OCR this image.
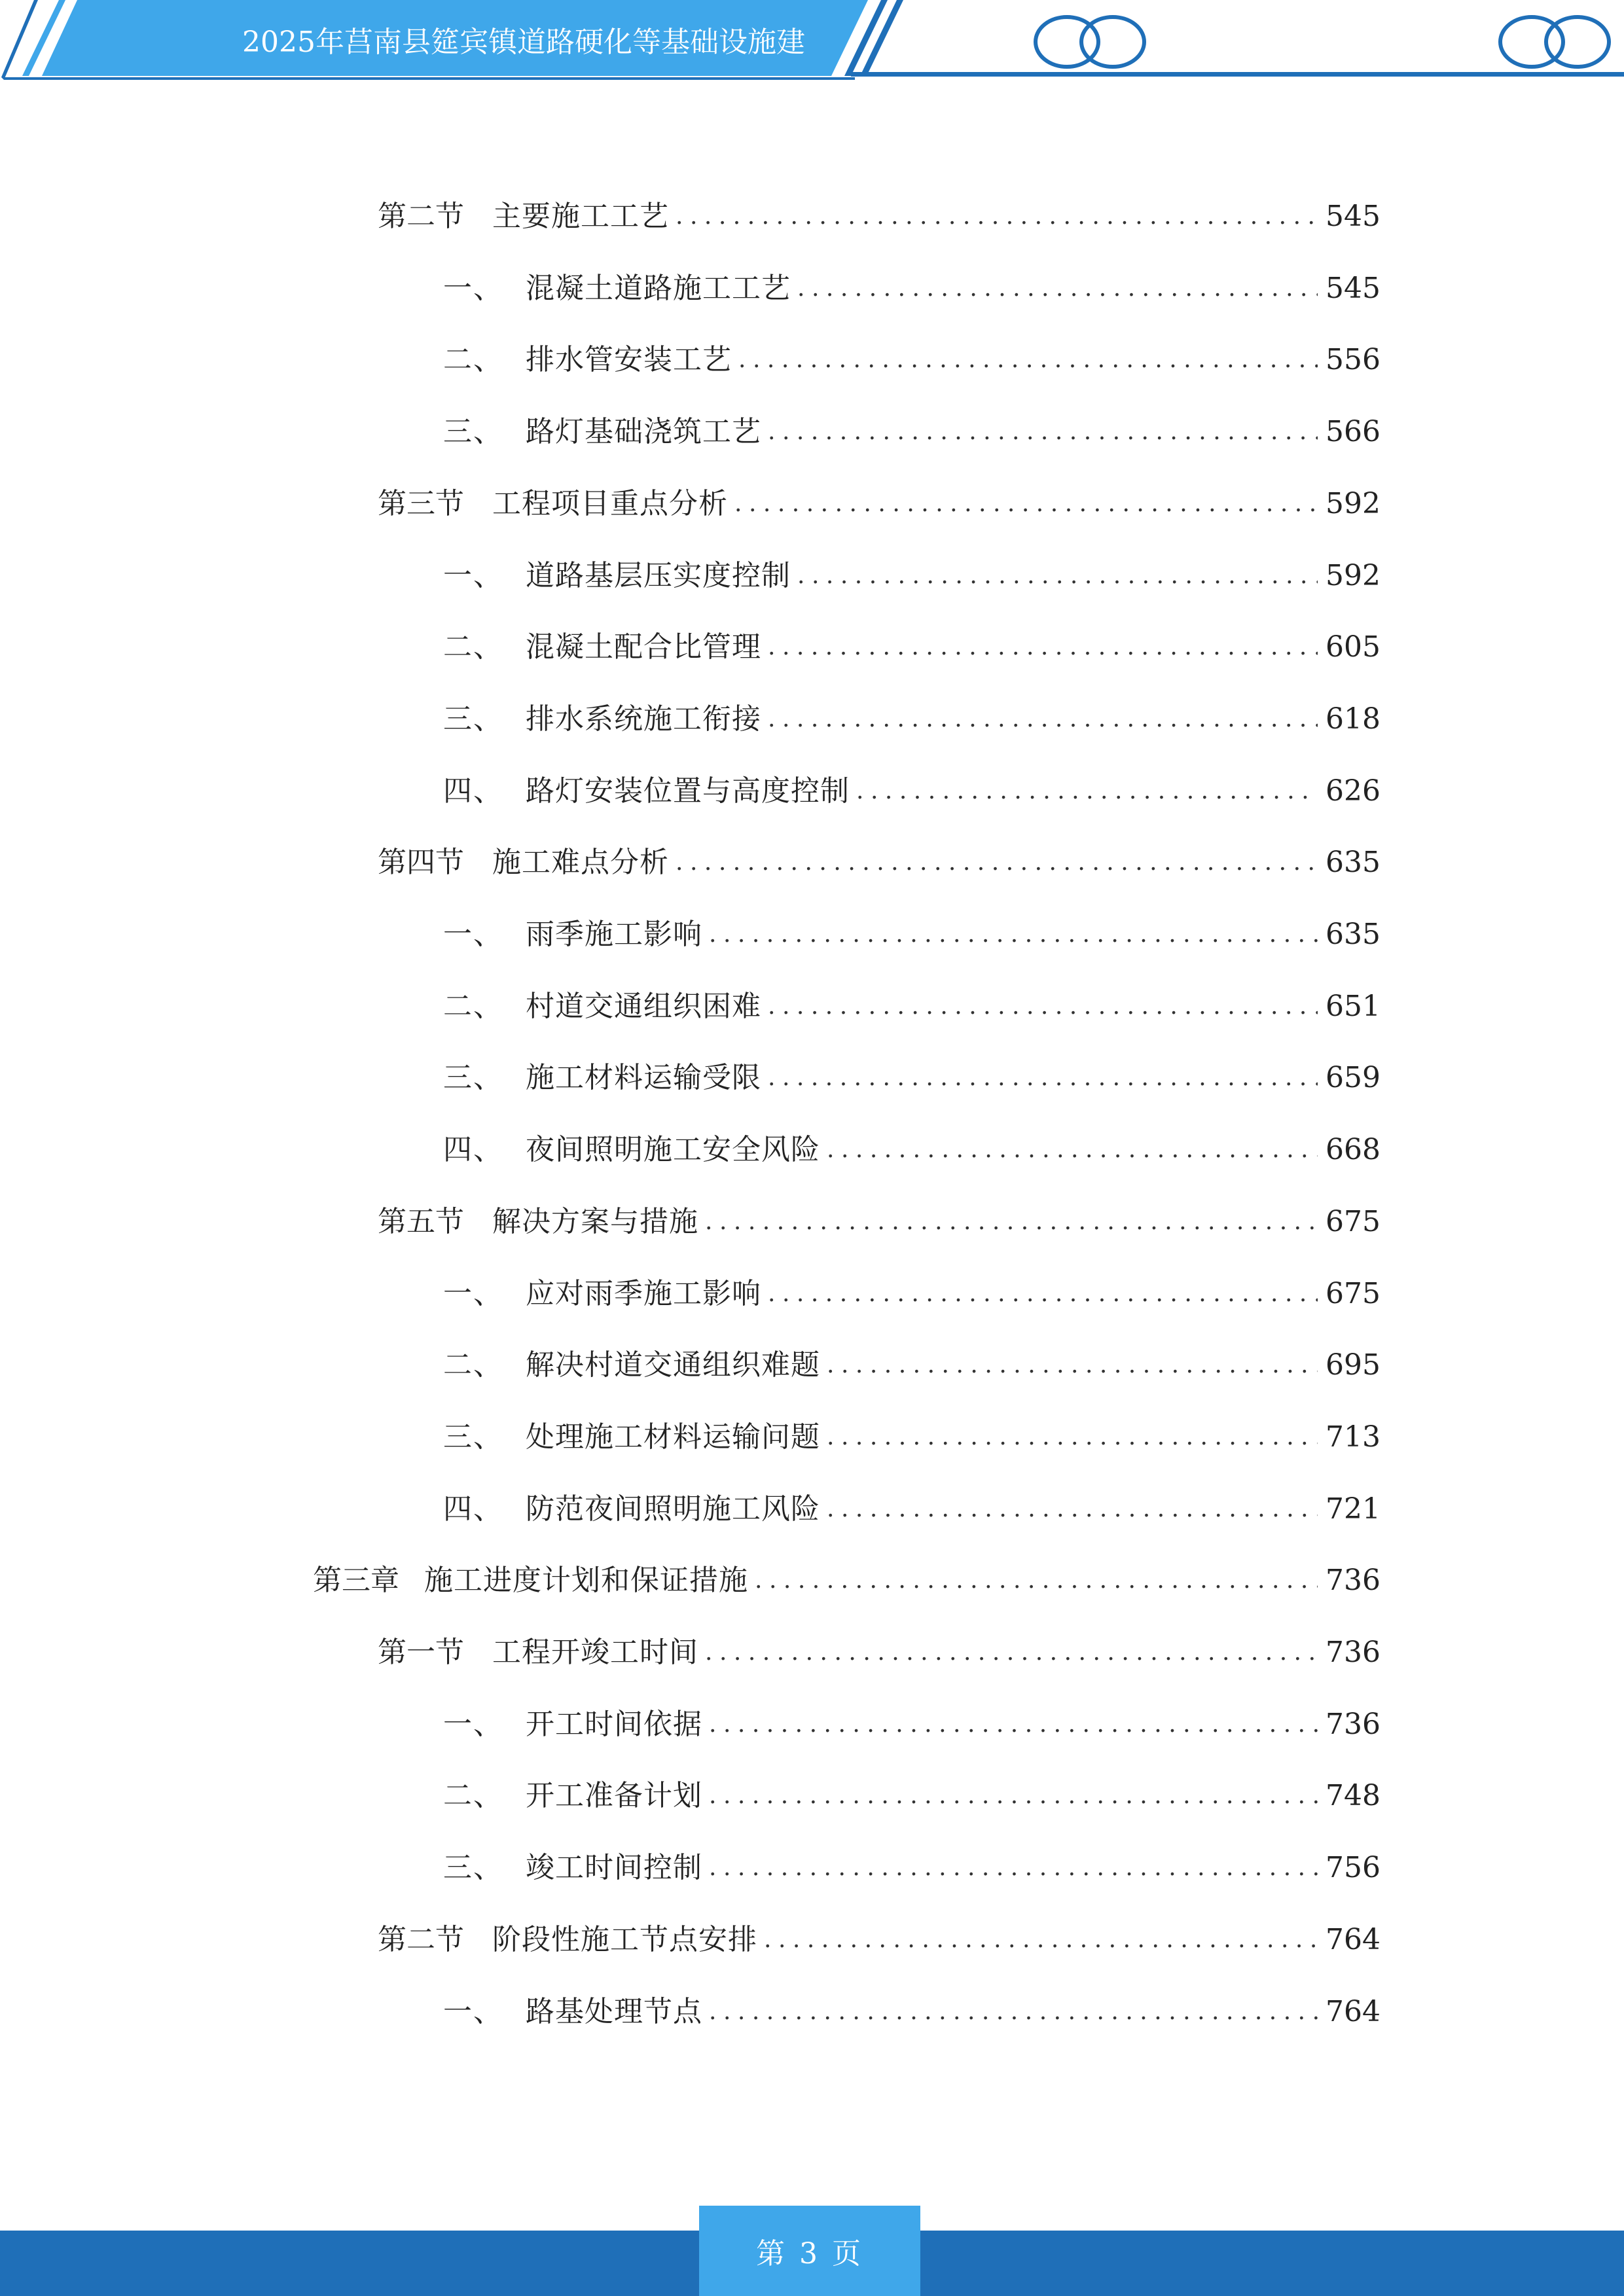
2025年莒南县筵宾镇道路硬化等基础设施建
第二节 主要施工工艺 .....	545
一、 混凝土道路施工工艺 .....	545
二、 排水管安装工艺 .....	556
三、 路灯基础浇筑工艺 .....	566
第三节 工程项目重点分析 .....	592
一、 道路基层压实度控制 .....	592
二、 混凝土配合比管理 .....	605
三、 排水系统施工衔接 .....	618
四、 路灯安装位置与高度控制 .....	626
第四节 施工难点分析 .....	635
一、 雨季施工影响 .....	635
二、 村道交通组织困难 .....	651
三、 施工材料运输受限 .....	659
四、 夜间照明施工安全风险 .....	668
第五节 解决方案与措施 .....	675
一、 应对雨季施工影响 .....	675
二、 解决村道交通组织难题 .....	695
三、 处理施工材料运输问题 .....	713
四、 防范夜间照明施工风险 .....	721
第三章 施工进度计划和保证措施 .....	736
第一节 工程开竣工时间 .....	736
一、 开工时间依据 .....	736
二、 开工准备计划 .....	748
三、 竣工时间控制 .....	756
第二节 阶段性施工节点安排 .....	764
一、 路基处理节点 .....	764
第 3 页
